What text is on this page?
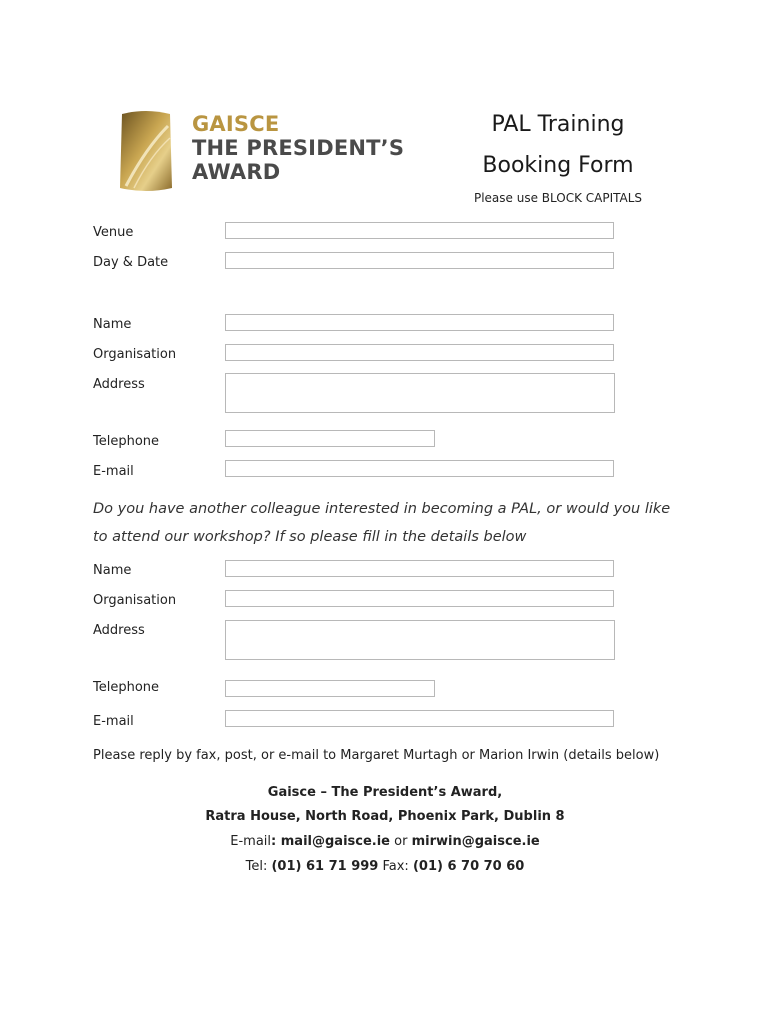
GAISCE
THE PRESIDENT’S
AWARD
PAL Training
Booking Form
Please use BLOCK CAPITALS
Venue
Day & Date
Name
Organisation
Address
Telephone
E-mail
Do you have another colleague interested in becoming a PAL, or would you like
to attend our workshop? If so please fill in the details below
Name
Organisation
Address
Telephone
E-mail
Please reply by fax, post, or e-mail to Margaret Murtagh or Marion Irwin (details below)
Gaisce – The President’s Award,
Ratra House, North Road, Phoenix Park, Dublin 8
E-mail: mail@gaisce.ie or mirwin@gaisce.ie
Tel: (01) 61 71 999 Fax: (01) 6 70 70 60
